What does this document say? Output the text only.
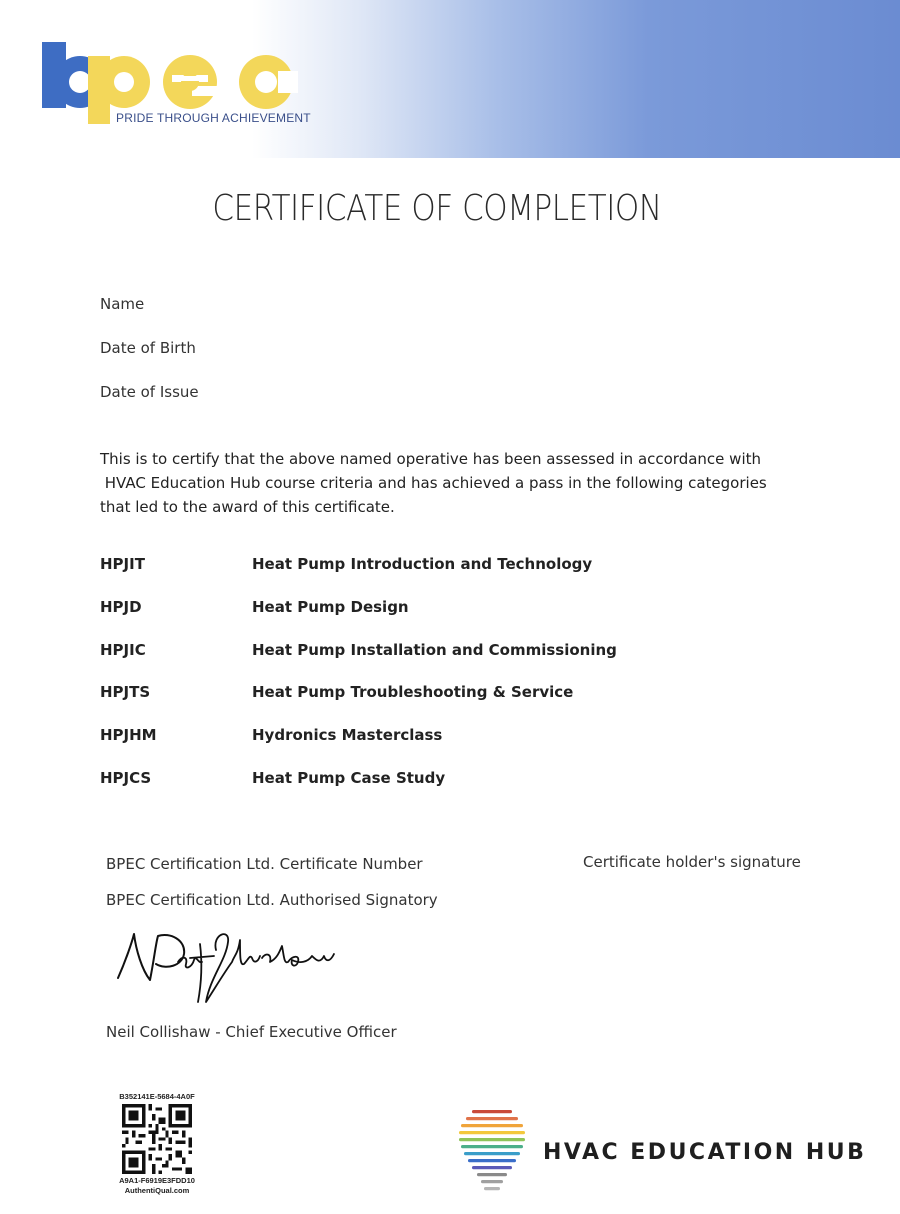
PRIDE THROUGH ACHIEVEMENT
CERTIFICATE OF COMPLETION
Name
Date of Birth
Date of Issue
This is to certify that the above named operative has been assessed in accordance with
HVAC Education Hub course criteria and has achieved a pass in the following categories
that led to the award of this certificate.
HPJIT	Heat Pump Introduction and Technology
HPJD	Heat Pump Design
HPJIC	Heat Pump Installation and Commissioning
HPJTS	Heat Pump Troubleshooting & Service
HPJHM	Hydronics Masterclass
HPJCS	Heat Pump Case Study
BPEC Certification Ltd. Certificate Number	Certificate holder's signature
BPEC Certification Ltd. Authorised Signatory
Neil Collishaw - Chief Executive Officer
B352141E-5684-4A0F
A9A1-F6919E3FDD10
AuthentiQual.com
HVAC EDUCATION HUB
